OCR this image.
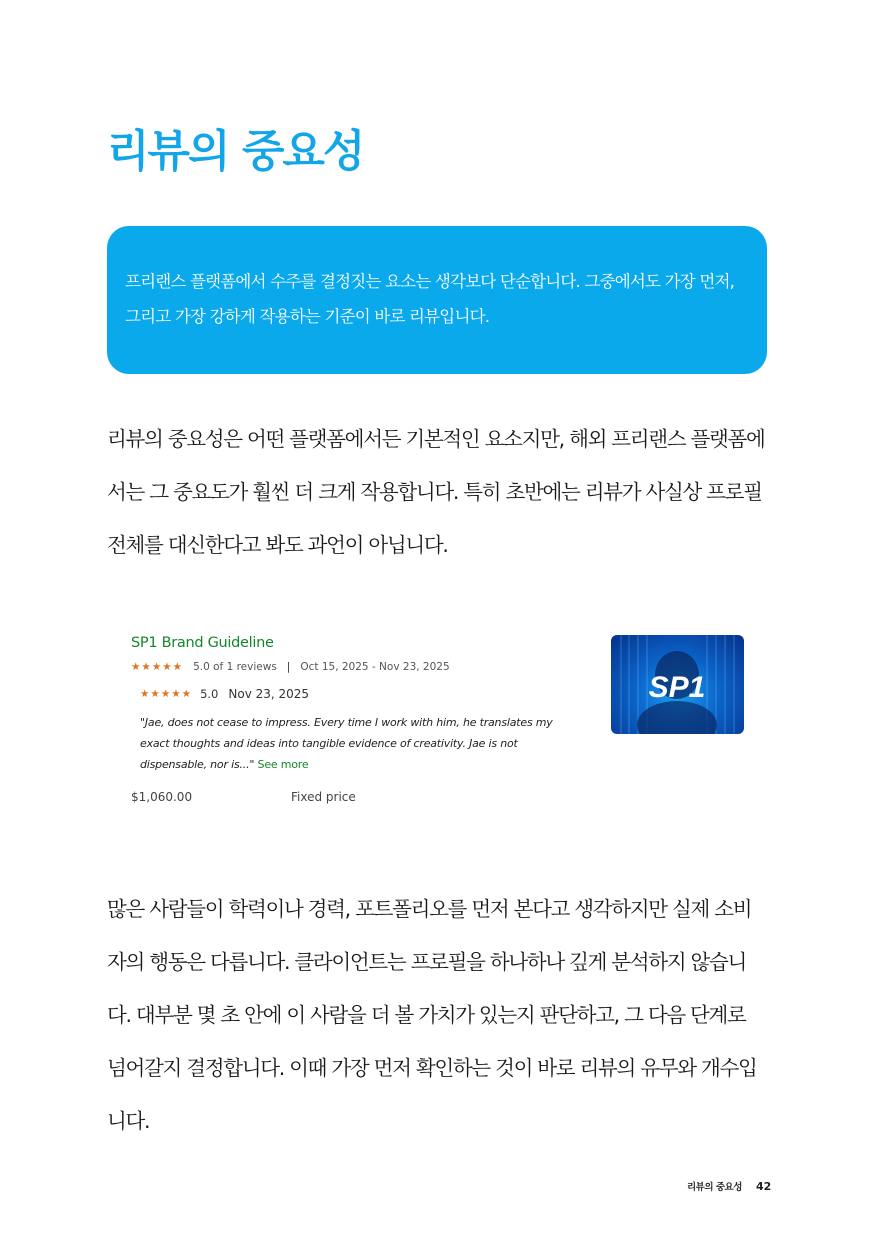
리뷰의 중요성

프리랜스 플랫폼에서 수주를 결정짓는 요소는 생각보다 단순합니다. 그중에서도 가장 먼저, 그리고 가장 강하게 작용하는 기준이 바로 리뷰입니다.

리뷰의 중요성은 어떤 플랫폼에서든 기본적인 요소지만, 해외 프리랜스 플랫폼에서는 그 중요도가 훨씬 더 크게 작용합니다. 특히 초반에는 리뷰가 사실상 프로필 전체를 대신한다고 봐도 과언이 아닙니다.

SP1 Brand Guideline
★★★★★ 5.0 of 1 reviews | Oct 15, 2025 - Nov 23, 2025
★★★★★ 5.0 Nov 23, 2025

"Jae, does not cease to impress. Every time I work with him, he translates my exact thoughts and ideas into tangible evidence of creativity. Jae is not dispensable, nor is..." See more

$1,060.00	Fixed price
SP1

많은 사람들이 학력이나 경력, 포트폴리오를 먼저 본다고 생각하지만 실제 소비자의 행동은 다릅니다. 클라이언트는 프로필을 하나하나 깊게 분석하지 않습니다. 대부분 몇 초 안에 이 사람을 더 볼 가치가 있는지 판단하고, 그 다음 단계로 넘어갈지 결정합니다. 이때 가장 먼저 확인하는 것이 바로 리뷰의 유무와 개수입니다.

리뷰의 중요성 42
